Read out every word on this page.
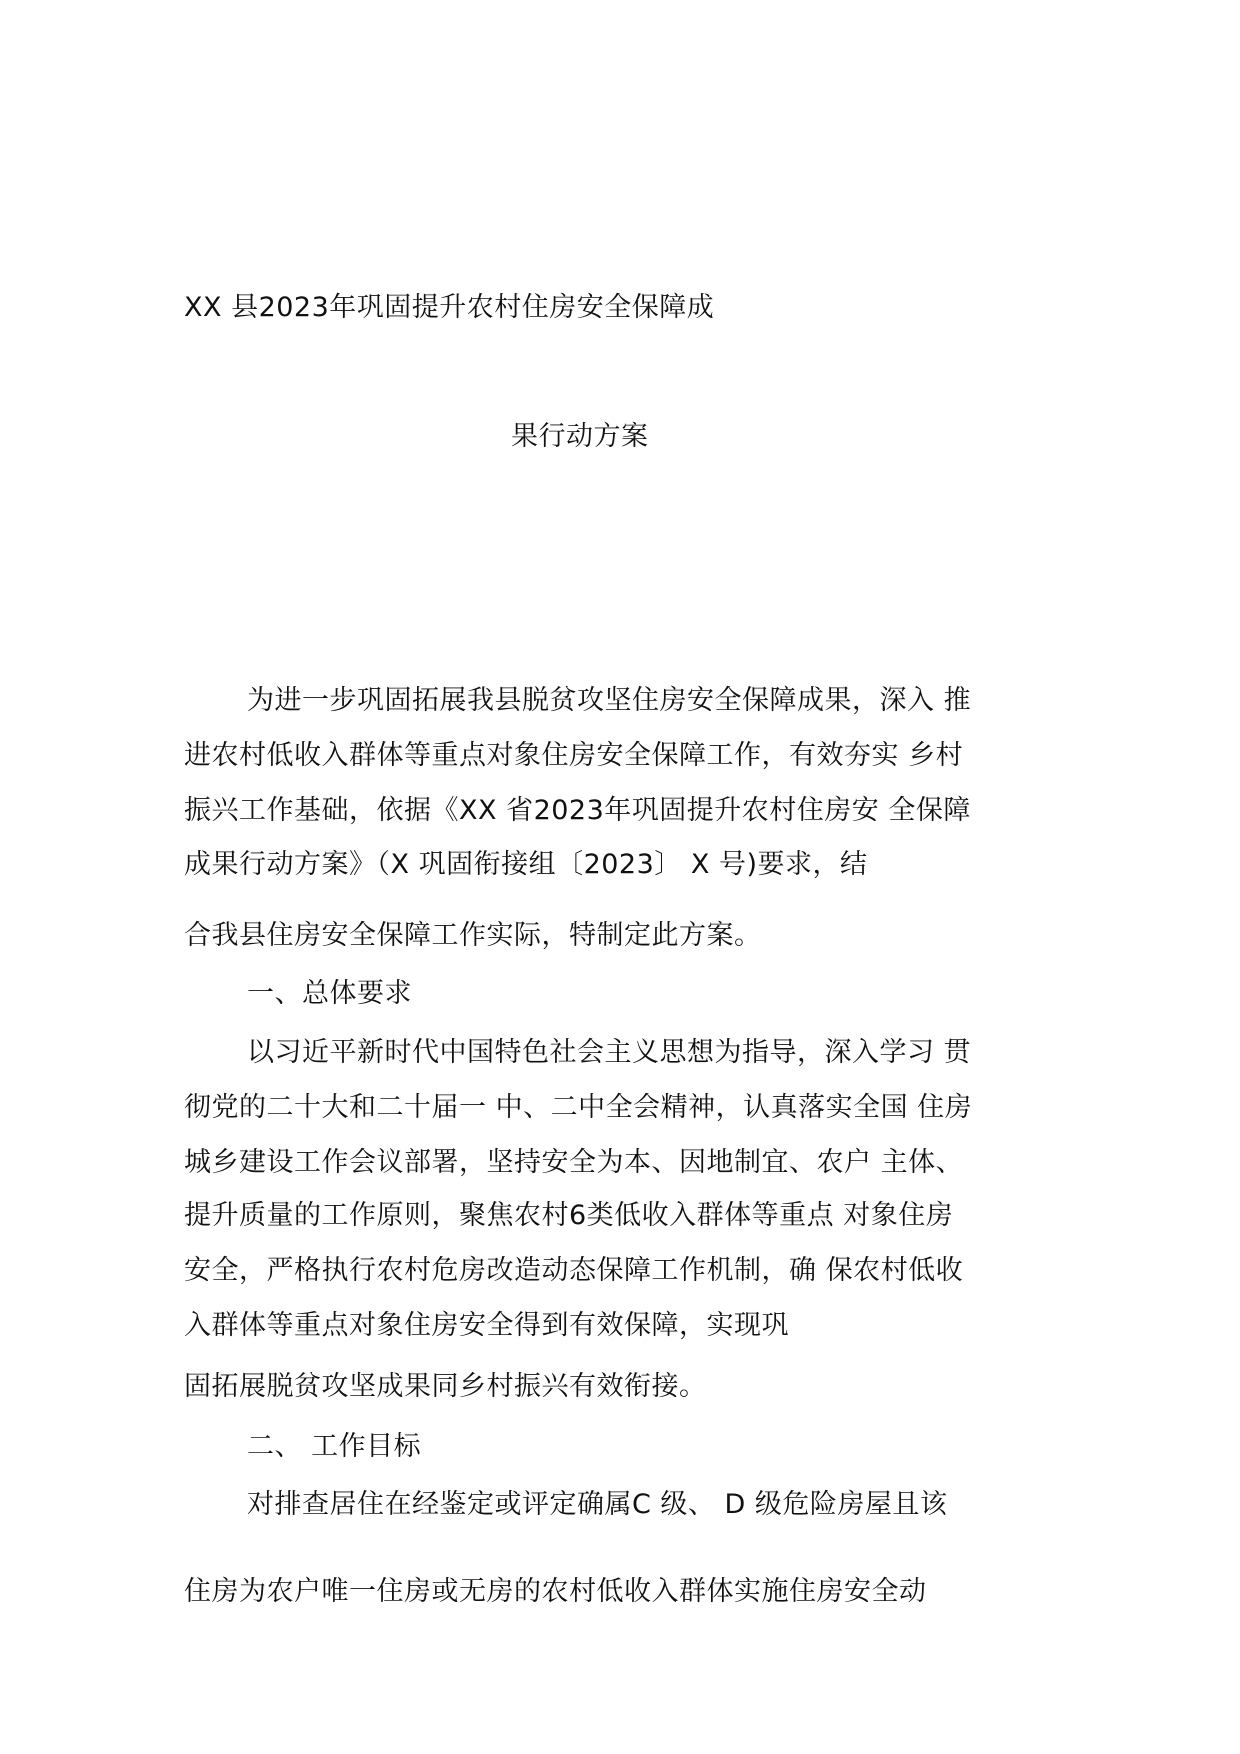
XX 县2023年巩固提升农村住房安全保障成
果行动方案
为进一步巩固拓展我县脱贫攻坚住房安全保障成果，深入 推
进农村低收入群体等重点对象住房安全保障工作，有效夯实 乡村
振兴工作基础，依据《XX 省2023年巩固提升农村住房安 全保障
成果行动方案》（X 巩固衔接组〔2023〕 X 号)要求，结
合我县住房安全保障工作实际，特制定此方案。
一、总体要求
以习近平新时代中国特色社会主义思想为指导，深入学习 贯
彻党的二十大和二十届一 中、二中全会精神，认真落实全国 住房
城乡建设工作会议部署，坚持安全为本、因地制宜、农户 主体、
提升质量的工作原则，聚焦农村6类低收入群体等重点 对象住房
安全，严格执行农村危房改造动态保障工作机制，确 保农村低收
入群体等重点对象住房安全得到有效保障，实现巩
固拓展脱贫攻坚成果同乡村振兴有效衔接。
二、 工作目标
对排查居住在经鉴定或评定确属C 级、 D 级危险房屋且该
住房为农户唯一住房或无房的农村低收入群体实施住房安全动
